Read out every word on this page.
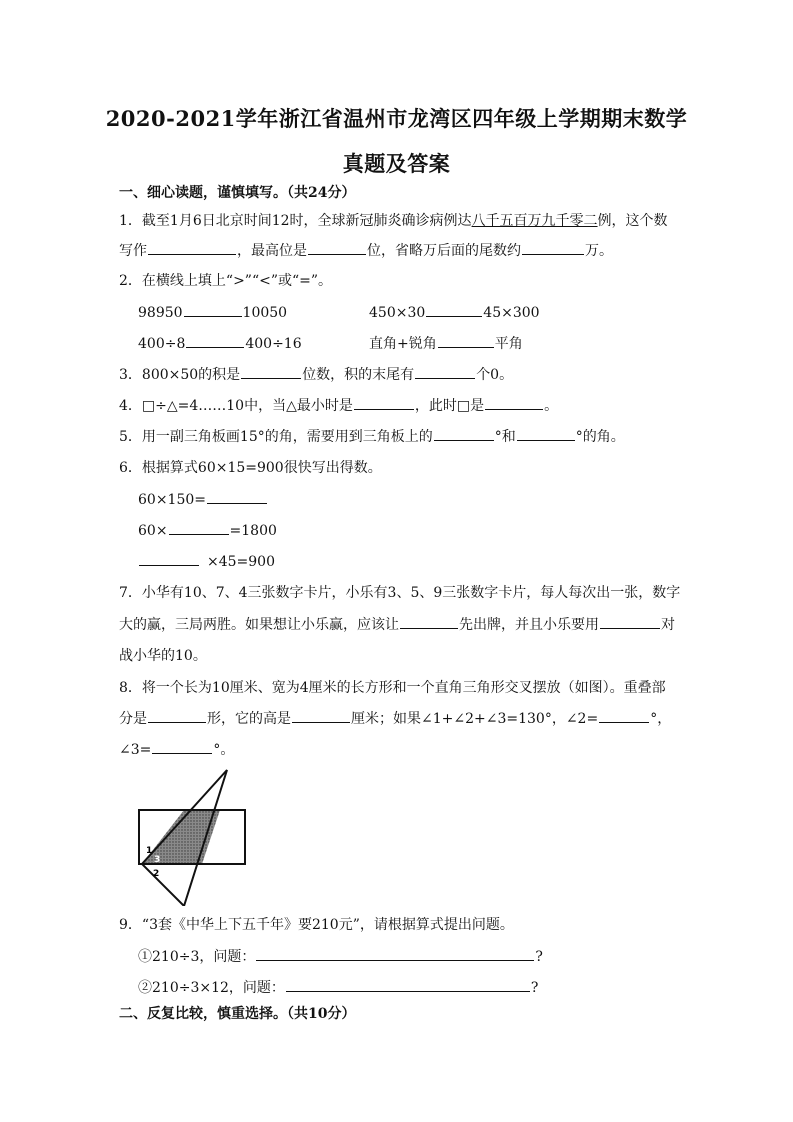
2020-2021学年浙江省温州市龙湾区四年级上学期期末数学
真题及答案
一、细心读题，谨慎填写。（共24分）
1．截至1月6日北京时间12时，全球新冠肺炎确诊病例达八千五百万九千零二例，这个数
写作	，最高位是	位，省略万后面的尾数约	万。
2．在横线上填上“>”“<”或“=”。
98950	10050	450×30	45×300
400÷8	400÷16	直角+锐角	平角
3．800×50的积是	位数，积的末尾有	个0。
4．□÷△=4……10中，当△最小时是	，此时□是	。
5．用一副三角板画15°的角，需要用到三角板上的	°和	°的角。
6．根据算式60×15=900很快写出得数。
60×150=
60×	=1800
×45=900
7．小华有10、7、4三张数字卡片，小乐有3、5、9三张数字卡片，每人每次出一张，数字
大的赢，三局两胜。如果想让小乐赢，应该让	先出牌，并且小乐要用	对
战小华的10。
8．将一个长为10厘米、宽为4厘米的长方形和一个直角三角形交叉摆放（如图）。重叠部
分是	形，它的高是	厘米；如果∠1+∠2+∠3=130°，∠2=	°，
∠3=	°。
1
3
2
9．“3套《中华上下五千年》要210元”，请根据算式提出问题。
①210÷3，问题：	?
②210÷3×12，问题：	?
二、反复比较，慎重选择。（共10分）
